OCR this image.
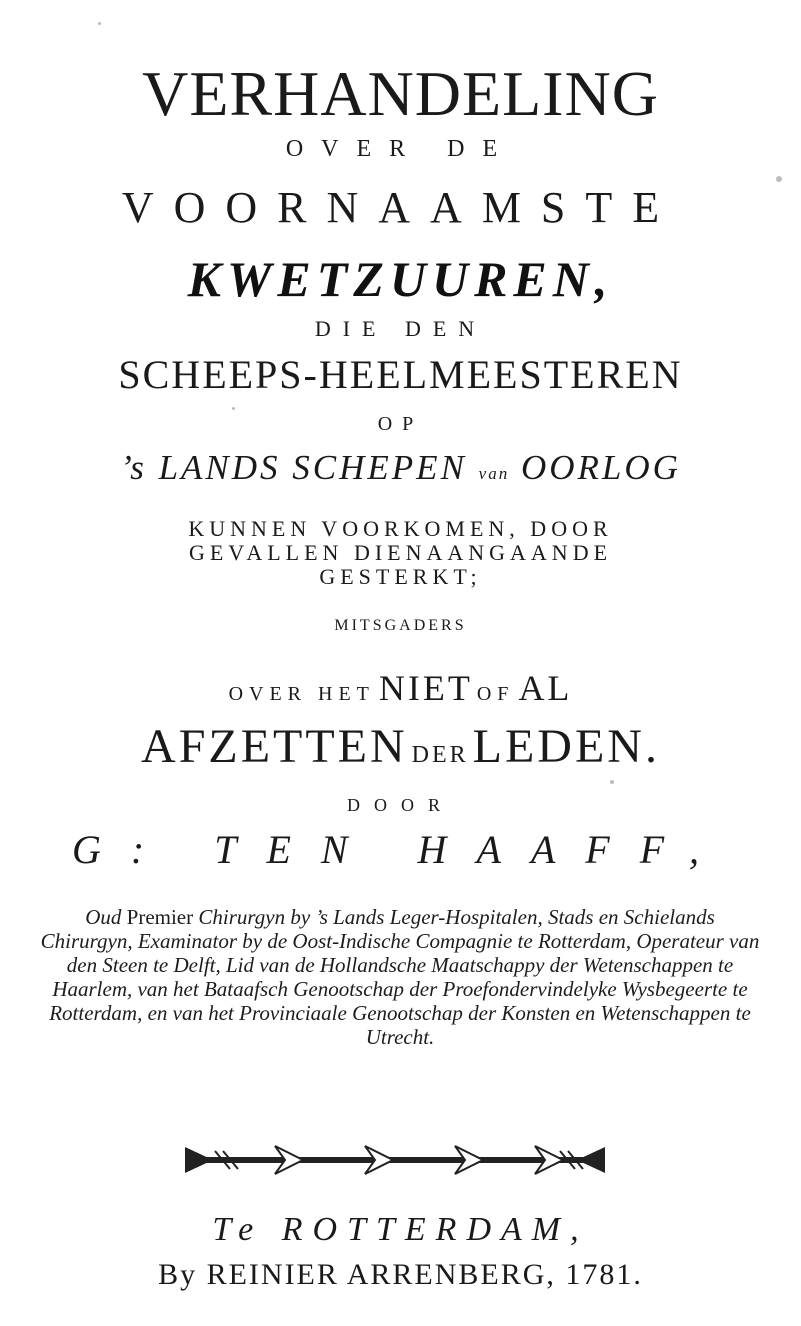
VERHANDELING
OVER DE
VOORNAAMSTE
KWETZUUREN,
DIE DEN
SCHEEPS-HEELMEESTEREN
OP
’s LANDS SCHEPEN van OORLOG
KUNNEN VOORKOMEN, DOOR
GEVALLEN DIENAANGAANDE
GESTERKT;
MITSGADERS
OVER HET NIET OF AL
AFZETTEN DER LEDEN.
DOOR
G: TEN HAAFF,
Oud Premier Chirurgyn by ’s Lands Leger-Hospitalen, Stads en Schielands Chirurgyn, Examinator by de Oost-Indische Compagnie te Rotterdam, Operateur van den Steen te Delft, Lid van de Hollandsche Maatschappy der Wetenschappen te Haarlem, van het Bataafsch Genootschap der Proefondervindelyke Wysbegeerte te Rotterdam, en van het Provinciaale Genootschap der Konsten en Wetenschappen te Utrecht.
Te ROTTERDAM,
By REINIER ARRENBERG, 1781.
